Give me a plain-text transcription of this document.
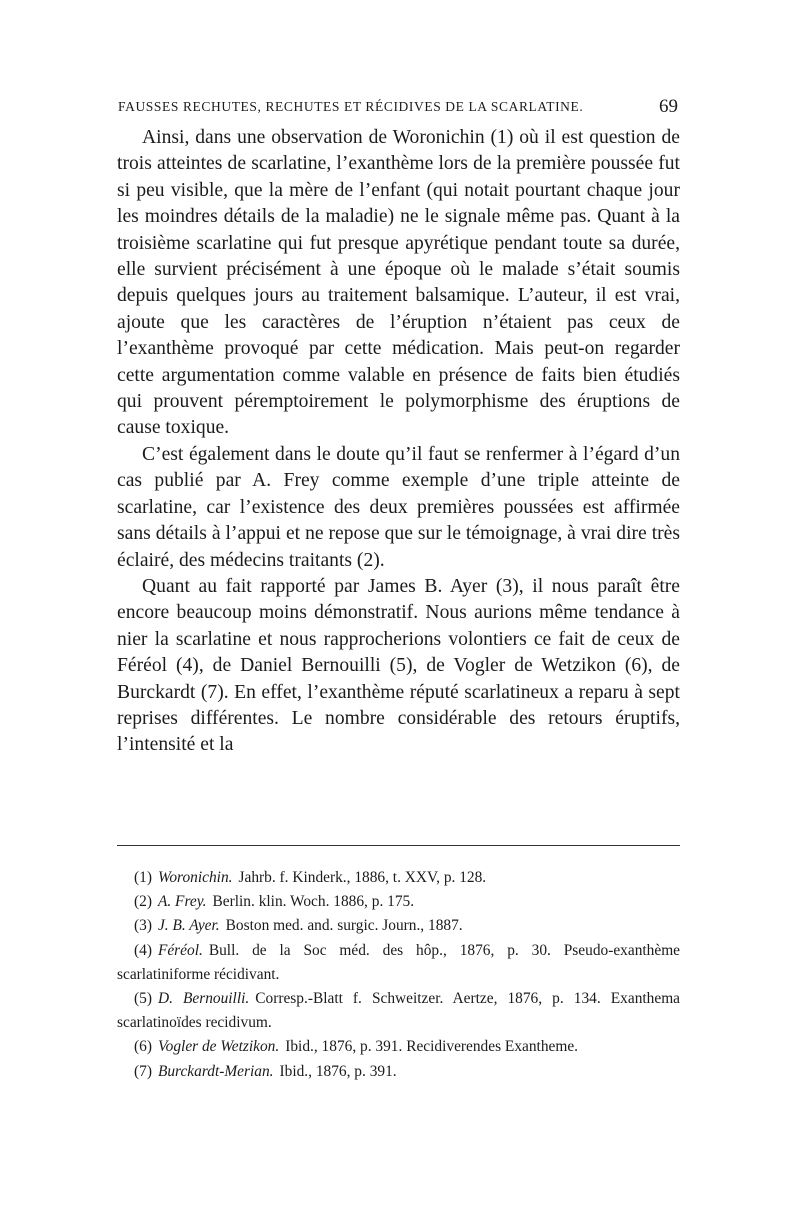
FAUSSES RECHUTES, RECHUTES ET RÉCIDIVES DE LA SCARLATINE.	69

Ainsi, dans une observation de Woronichin (1) où il est question de trois atteintes de scarlatine, l’exanthème lors de la première poussée fut si peu visible, que la mère de l’enfant (qui notait pourtant chaque jour les moindres détails de la maladie) ne le signale même pas. Quant à la troisième scarlatine qui fut presque apyrétique pendant toute sa durée, elle survient précisément à une époque où le malade s’était soumis depuis quelques jours au traitement balsamique. L’auteur, il est vrai, ajoute que les caractères de l’éruption n’étaient pas ceux de l’exanthème provoqué par cette médication. Mais peut-on regarder cette argumentation comme valable en présence de faits bien étudiés qui prouvent péremptoirement le polymorphisme des éruptions de cause toxique.

C’est également dans le doute qu’il faut se renfermer à l’égard d’un cas publié par A. Frey comme exemple d’une triple atteinte de scarlatine, car l’existence des deux premières poussées est affirmée sans détails à l’appui et ne repose que sur le témoignage, à vrai dire très éclairé, des médecins traitants (2).

Quant au fait rapporté par James B. Ayer (3), il nous paraît être encore beaucoup moins démonstratif. Nous aurions même tendance à nier la scarlatine et nous rapprocherions volontiers ce fait de ceux de Féréol (4), de Daniel Bernouilli (5), de Vogler de Wetzikon (6), de Burckardt (7). En effet, l’exanthème réputé scarlatineux a reparu à sept reprises différentes. Le nombre considérable des retours éruptifs, l’intensité et la

(1) Woronichin. Jahrb. f. Kinderk., 1886, t. XXV, p. 128.

(2) A. Frey. Berlin. klin. Woch. 1886, p. 175.

(3) J. B. Ayer. Boston med. and. surgic. Journ., 1887.

(4) Féréol. Bull. de la Soc méd. des hôp., 1876, p. 30. Pseudo-exanthème scarlatiniforme récidivant.

(5) D. Bernouilli. Corresp.-Blatt f. Schweitzer. Aertze, 1876, p. 134. Exanthema scarlatinoïdes recidivum.

(6) Vogler de Wetzikon. Ibid., 1876, p. 391. Recidiverendes Exantheme.

(7) Burckardt-Merian. Ibid., 1876, p. 391.
